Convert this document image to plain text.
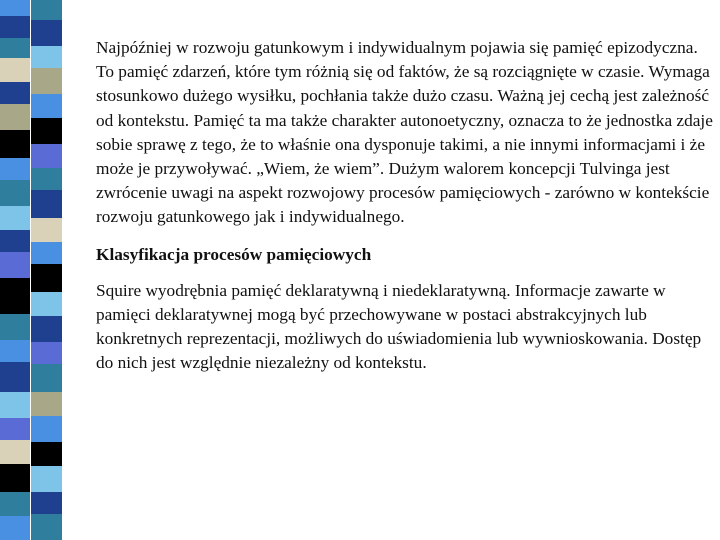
Najpóźniej w rozwoju gatunkowym i indywidualnym pojawia się pamięć epizodyczna. To pamięć zdarzeń, które tym różnią się od faktów, że są rozciągnięte w czasie. Wymaga stosunkowo dużego wysiłku, pochłania także dużo czasu. Ważną jej cechą jest zależność od kontekstu. Pamięć ta ma także charakter autonoetyczny, oznacza to że jednostka zdaje sobie sprawę z tego, że to właśnie ona dysponuje takimi, a nie innymi informacjami i że może je przywoływać. „Wiem, że wiem”. Dużym walorem koncepcji Tulvinga jest zwrócenie uwagi na aspekt rozwojowy procesów pamięciowych - zarówno w kontekście rozwoju gatunkowego jak i indywidualnego.

Klasyfikacja procesów pamięciowych

Squire wyodrębnia pamięć deklaratywną i niedeklaratywną. Informacje zawarte w pamięci deklaratywnej mogą być przechowywane w postaci abstrakcyjnych lub konkretnych reprezentacji, możliwych do uświadomienia lub wywnioskowania. Dostęp do nich jest względnie niezależny od kontekstu.
